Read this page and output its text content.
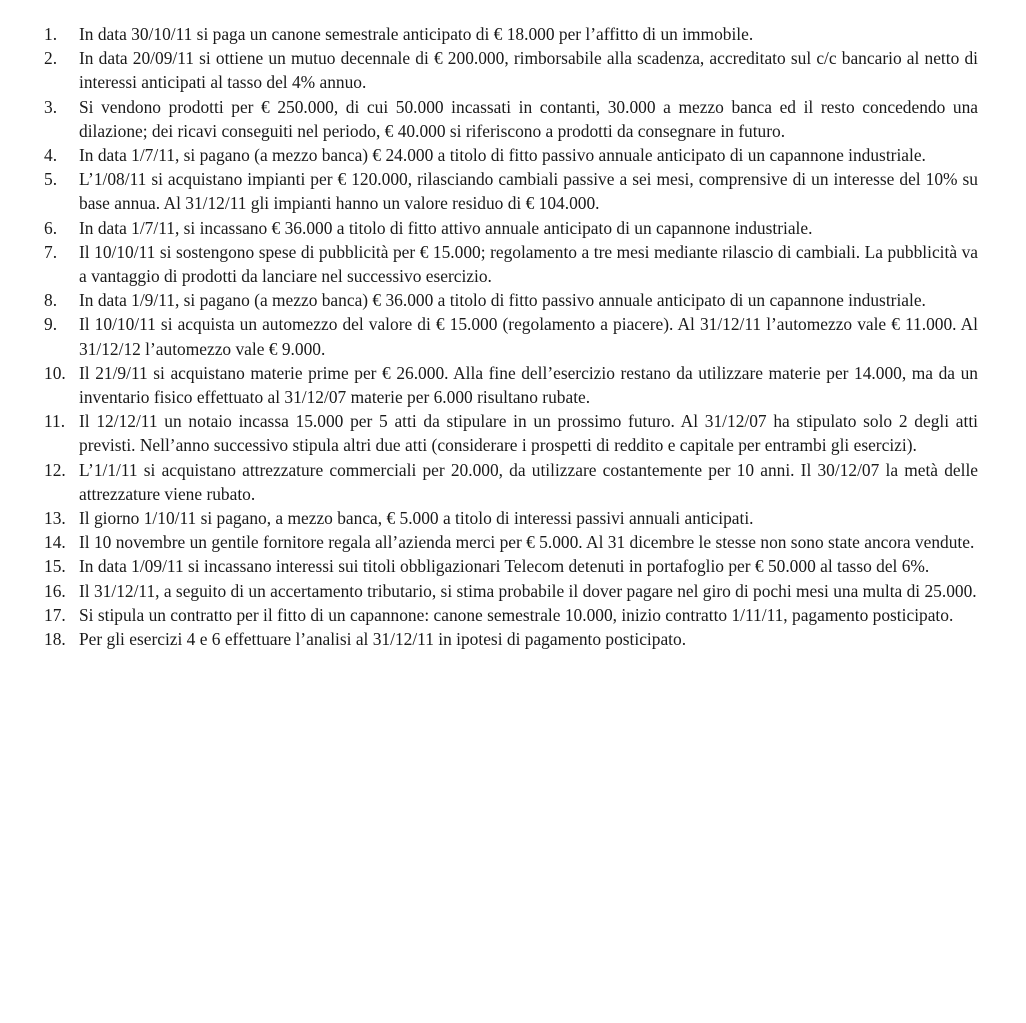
1.	In data 30/10/11 si paga un canone semestrale anticipato di € 18.000 per l’affitto di un immobile.
2.	In data 20/09/11 si ottiene un mutuo decennale di € 200.000, rimborsabile alla scadenza, accreditato sul c/c bancario al netto di interessi anticipati al tasso del 4% annuo.
3.	Si vendono prodotti per € 250.000, di cui 50.000 incassati in contanti, 30.000 a mezzo banca ed il resto concedendo una dilazione; dei ricavi conseguiti nel periodo, € 40.000 si riferiscono a prodotti da consegnare in futuro.
4.	In data 1/7/11, si pagano (a mezzo banca) € 24.000 a titolo di fitto passivo annuale anticipato di un capannone industriale.
5.	L’1/08/11 si acquistano impianti per € 120.000, rilasciando cambiali passive a sei mesi, comprensive di un interesse del 10% su base annua. Al 31/12/11 gli impianti hanno un valore residuo di € 104.000.
6.	In data 1/7/11, si incassano € 36.000 a titolo di fitto attivo annuale anticipato di un capannone industriale.
7.	Il 10/10/11 si sostengono spese di pubblicità per € 15.000; regolamento a tre mesi mediante rilascio di cambiali. La pubblicità va a vantaggio di prodotti da lanciare nel successivo esercizio.
8.	In data 1/9/11, si pagano (a mezzo banca) € 36.000 a titolo di fitto passivo annuale anticipato di un capannone industriale.
9.	Il 10/10/11 si acquista un automezzo del valore di € 15.000 (regolamento a piacere). Al 31/12/11 l’automezzo vale € 11.000. Al 31/12/12 l’automezzo vale € 9.000.
10. Il 21/9/11 si acquistano materie prime per € 26.000. Alla fine dell’esercizio restano da utilizzare materie per 14.000, ma da un inventario fisico effettuato al 31/12/07 materie per 6.000 risultano rubate.
11. Il 12/12/11 un notaio incassa 15.000 per 5 atti da stipulare in un prossimo futuro. Al 31/12/07 ha stipulato solo 2 degli atti previsti. Nell’anno successivo stipula altri due atti (considerare i prospetti di reddito e capitale per entrambi gli esercizi).
12. L’1/1/11 si acquistano attrezzature commerciali per 20.000, da utilizzare costantemente per 10 anni. Il 30/12/07 la metà delle attrezzature viene rubato.
13. Il giorno 1/10/11 si pagano, a mezzo banca, € 5.000 a titolo di interessi passivi annuali anticipati.
14. Il 10 novembre un gentile fornitore regala all’azienda merci per € 5.000. Al 31 dicembre le stesse non sono state ancora vendute.
15. In data 1/09/11 si incassano interessi sui titoli obbligazionari Telecom detenuti in portafoglio per € 50.000 al tasso del 6%.
16. Il 31/12/11, a seguito di un accertamento tributario, si stima probabile il dover pagare nel giro di pochi mesi una multa di 25.000.
17. Si stipula un contratto per il fitto di un capannone: canone semestrale 10.000, inizio contratto 1/11/11, pagamento posticipato.
18. Per gli esercizi 4 e 6 effettuare l’analisi al 31/12/11 in ipotesi di pagamento posticipato.
